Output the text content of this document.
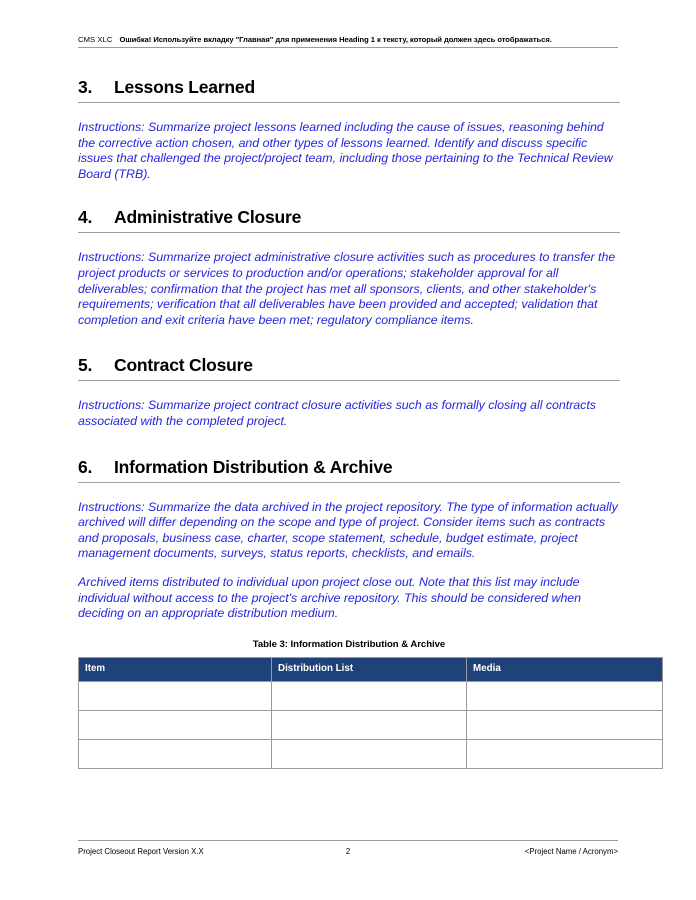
CMS XLC Ошибка! Используйте вкладку "Главная" для применения Heading 1 к тексту, который должен здесь отображаться.
3. Lessons Learned

Instructions: Summarize project lessons learned including the cause of issues, reasoning behind the corrective action chosen, and other types of lessons learned. Identify and discuss specific issues that challenged the project/project team, including those pertaining to the Technical Review Board (TRB).

4. Administrative Closure

Instructions: Summarize project administrative closure activities such as procedures to transfer the project products or services to production and/or operations; stakeholder approval for all deliverables; confirmation that the project has met all sponsors, clients, and other stakeholder's requirements; verification that all deliverables have been provided and accepted; validation that completion and exit criteria have been met; regulatory compliance items.

5. Contract Closure

Instructions: Summarize project contract closure activities such as formally closing all contracts associated with the completed project.

6. Information Distribution & Archive

Instructions: Summarize the data archived in the project repository. The type of information actually archived will differ depending on the scope and type of project. Consider items such as contracts and proposals, business case, charter, scope statement, schedule, budget estimate, project management documents, surveys, status reports, checklists, and emails.

Archived items distributed to individual upon project close out. Note that this list may include individual without access to the project's archive repository. This should be considered when deciding on an appropriate distribution medium.

Table 3: Information Distribution & Archive
Item	Distribution List	Media

Project Closeout Report Version X.X	2	<Project Name / Acronym>
